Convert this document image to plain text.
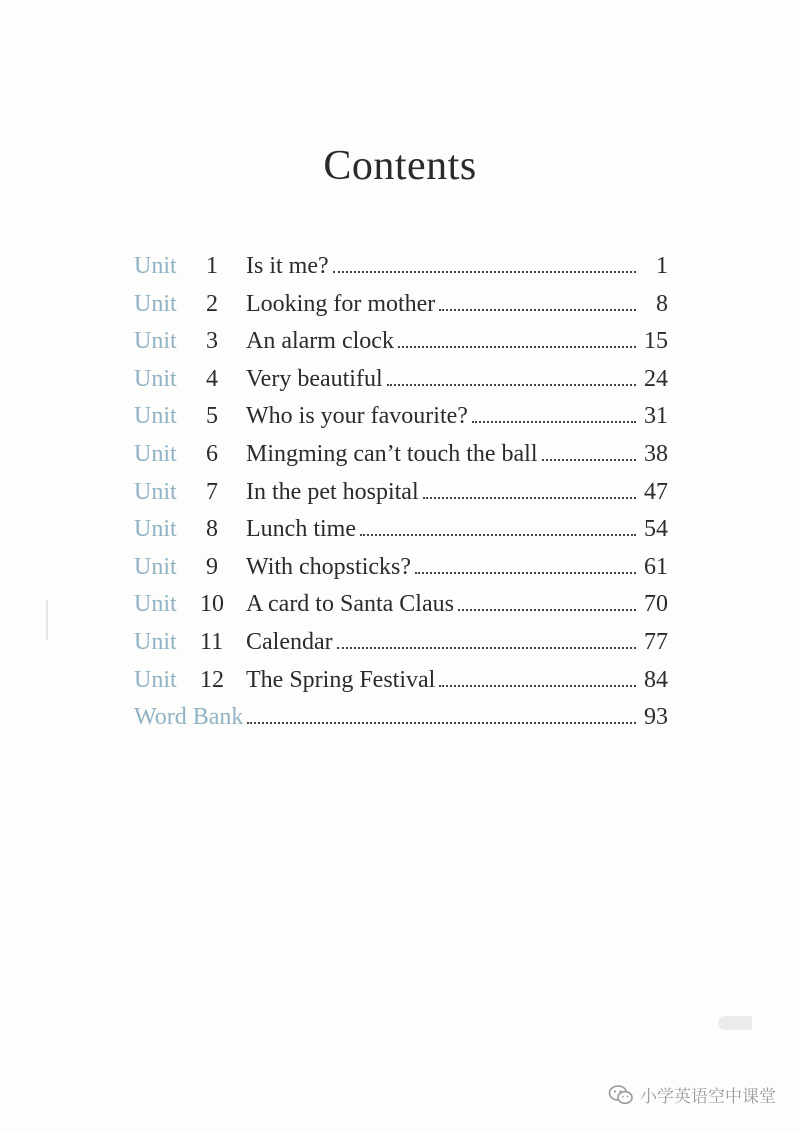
Contents
Unit	1	Is it me?	1
Unit	2	Looking for mother	8
Unit	3	An alarm clock	15
Unit	4	Very beautiful	24
Unit	5	Who is your favourite?	31
Unit	6	Mingming can’t touch the ball	38
Unit	7	In the pet hospital	47
Unit	8	Lunch time	54
Unit	9	With chopsticks?	61
Unit 10 A card to Santa Claus	70
Unit 11 Calendar	77
Unit 12 The Spring Festival	84
Word Bank	93
小学英语空中课堂
